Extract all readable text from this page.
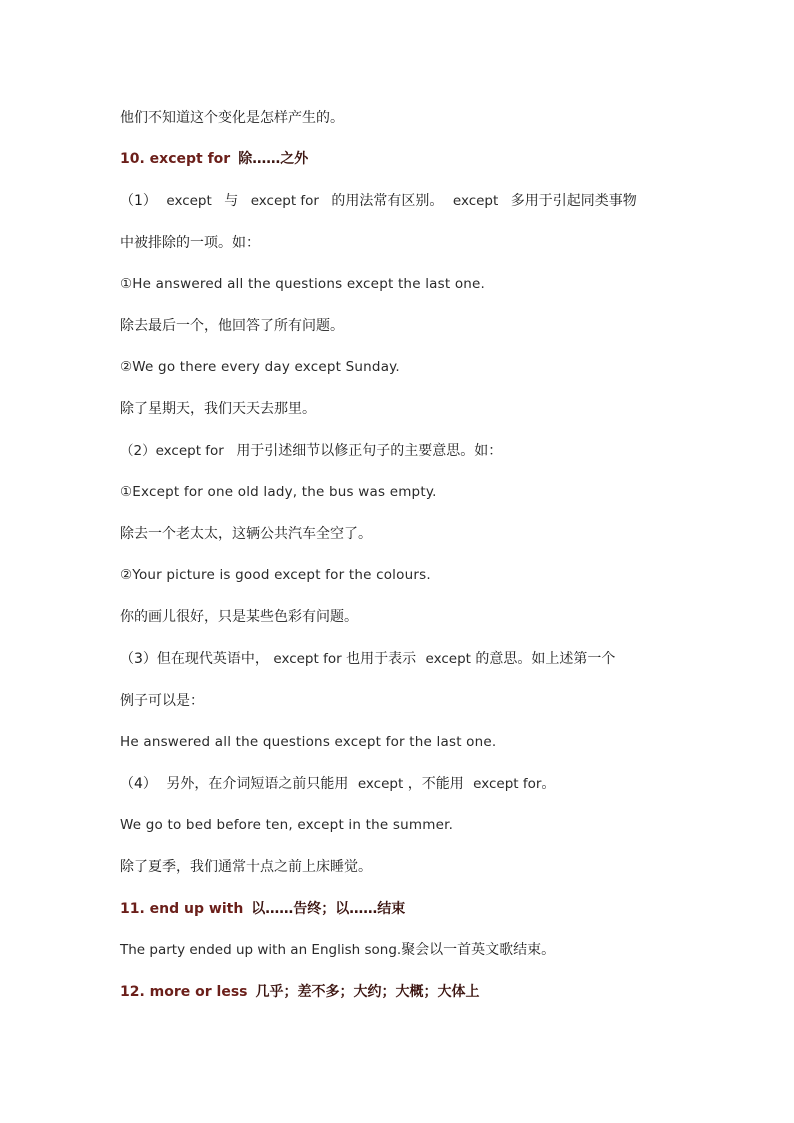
他们不知道这个变化是怎样产生的。
10. except for 除……之外
（1） except 与 except for 的用法常有区别。 except 多用于引起同类事物
中被排除的一项。如：
①He answered all the questions except the last one.
除去最后一个，他回答了所有问题。
②We go there every day except Sunday.
除了星期天，我们天天去那里。
（2）except for 用于引述细节以修正句子的主要意思。如：
①Except for one old lady, the bus was empty.
除去一个老太太，这辆公共汽车全空了。
②Your picture is good except for the colours.
你的画儿很好，只是某些色彩有问题。
（3）但在现代英语中， except for 也用于表示 except 的意思。如上述第一个
例子可以是：
He answered all the questions except for the last one.
（4） 另外，在介词短语之前只能用 except ，不能用 except for。
We go to bed before ten, except in the summer.
除了夏季，我们通常十点之前上床睡觉。
11. end up with 以……告终；以……结束
The party ended up with an English song.聚会以一首英文歌结束。
12. more or less 几乎；差不多；大约；大概；大体上
